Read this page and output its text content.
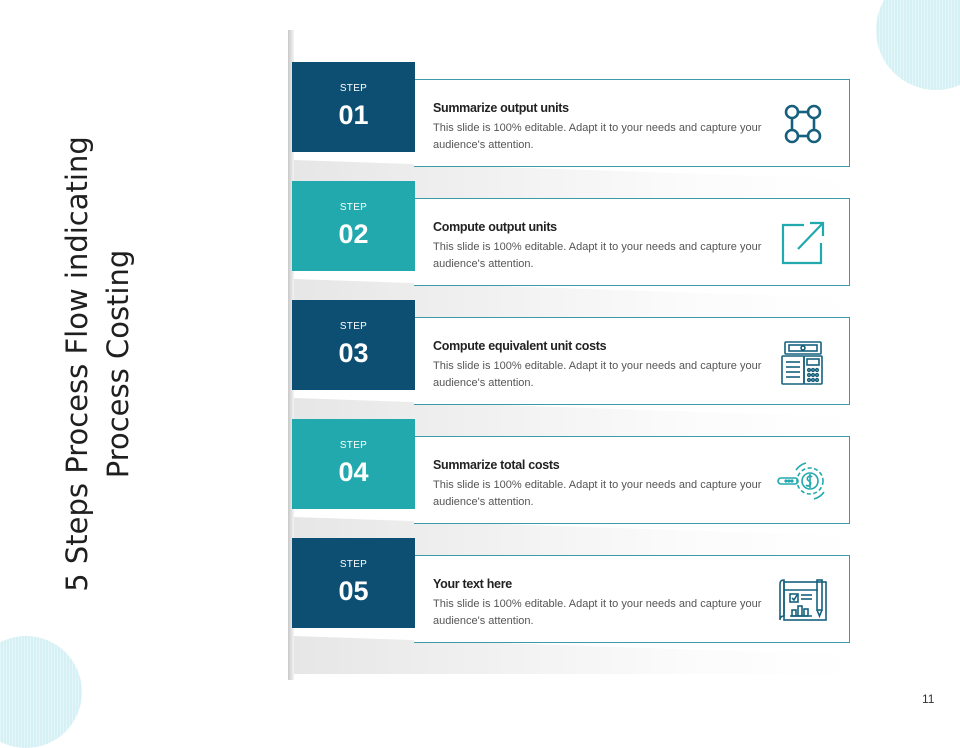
5 Steps Process Flow indicating Process Costing
Summarize output units
This slide is 100% editable. Adapt it to your needs and capture your audience's attention.
STEP
01
Compute output units
This slide is 100% editable. Adapt it to your needs and capture your audience's attention.
STEP
02
Compute equivalent unit costs
This slide is 100% editable. Adapt it to your needs and capture your audience's attention.
STEP
03
Summarize total costs
This slide is 100% editable. Adapt it to your needs and capture your audience's attention.
STEP
04
Your text here
This slide is 100% editable. Adapt it to your needs and capture your audience's attention.
STEP
05
11
